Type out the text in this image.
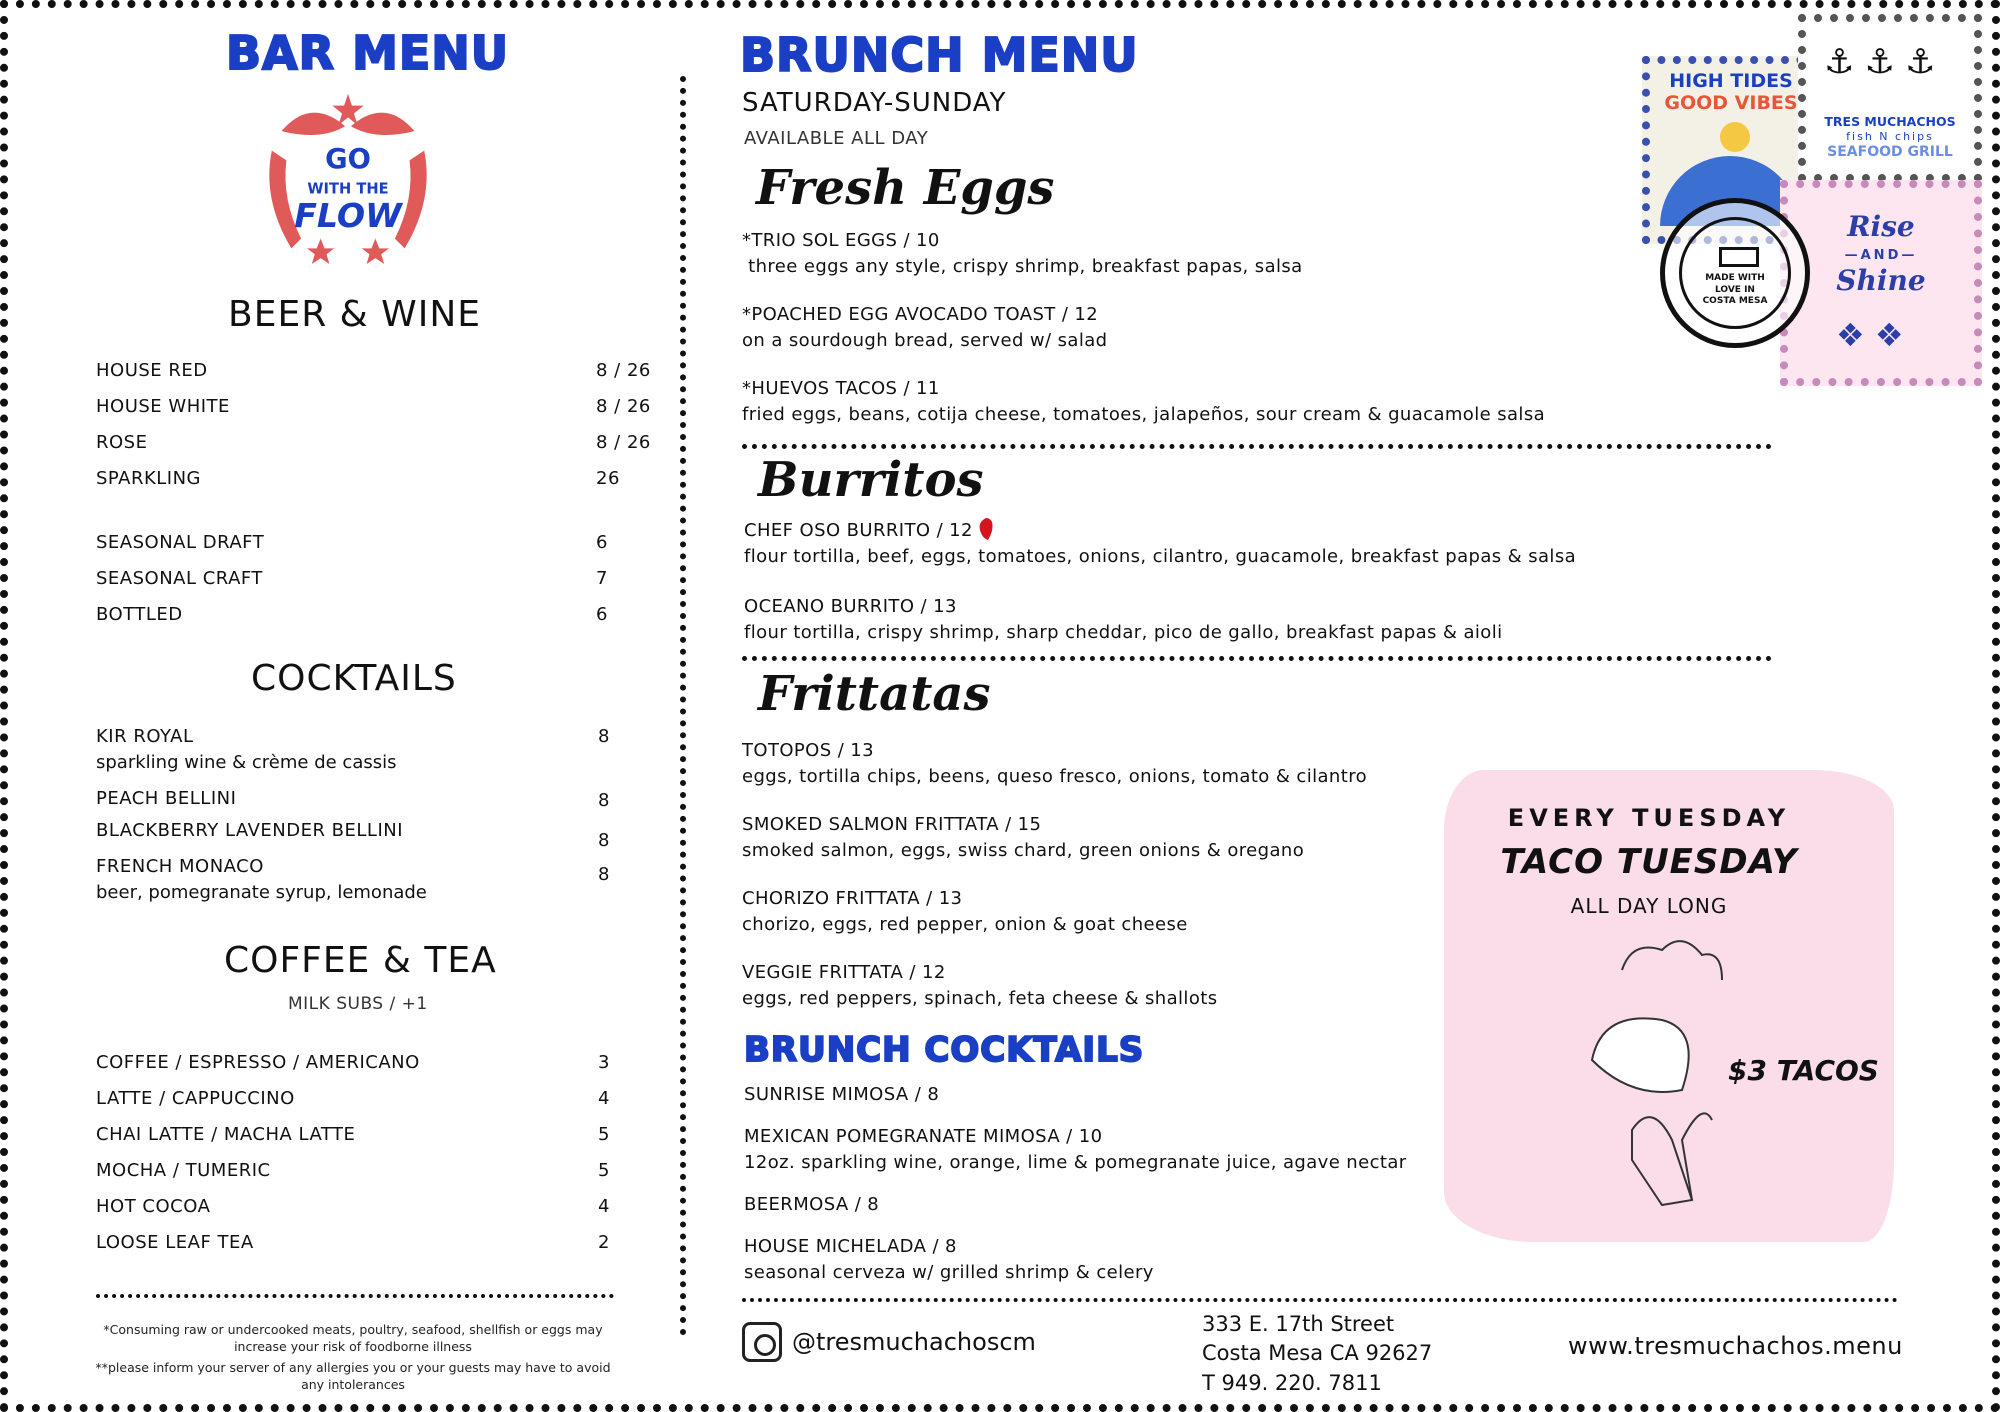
BAR MENU
GO
WITH THE
FLOW
BEER & WINE
HOUSE RED	8 / 26
HOUSE WHITE	8 / 26
ROSE	8 / 26
SPARKLING	26
SEASONAL DRAFT	6
SEASONAL CRAFT	7
BOTTLED	6
COCKTAILS
KIR ROYAL	8
sparkling wine & crème de cassis
PEACH BELLINI	8
BLACKBERRY LAVENDER BELLINI	8
FRENCH MONACO	8
beer, pomegranate syrup, lemonade
COFFEE & TEA
MILK SUBS / +1
COFFEE / ESPRESSO / AMERICANO	3
LATTE / CAPPUCCINO	4
CHAI LATTE / MACHA LATTE	5
MOCHA / TUMERIC	5
HOT COCOA	4
LOOSE LEAF TEA	2
*Consuming raw or undercooked meats, poultry, seafood, shellfish or eggs may increase your risk of foodborne illness
**please inform your server of any allergies you or your guests may have to avoid any intolerances
BRUNCH MENU
SATURDAY-SUNDAY
AVAILABLE ALL DAY
Fresh Eggs
*TRIO SOL EGGS / 10
three eggs any style, crispy shrimp, breakfast papas, salsa
*POACHED EGG AVOCADO TOAST / 12
on a sourdough bread, served w/ salad
*HUEVOS TACOS / 11
fried eggs, beans, cotija cheese, tomatoes, jalapeños, sour cream & guacamole salsa
Burritos
CHEF OSO BURRITO / 12
flour tortilla, beef, eggs, tomatoes, onions, cilantro, guacamole, breakfast papas & salsa
OCEANO BURRITO / 13
flour tortilla, crispy shrimp, sharp cheddar, pico de gallo, breakfast papas & aioli
Frittatas
TOTOPOS / 13
eggs, tortilla chips, beens, queso fresco, onions, tomato & cilantro
SMOKED SALMON FRITTATA / 15
smoked salmon, eggs, swiss chard, green onions & oregano
CHORIZO FRITTATA / 13
chorizo, eggs, red pepper, onion & goat cheese
VEGGIE FRITTATA / 12
eggs, red peppers, spinach, feta cheese & shallots
BRUNCH COCKTAILS
SUNRISE MIMOSA / 8
MEXICAN POMEGRANATE MIMOSA / 10
12oz. sparkling wine, orange, lime & pomegranate juice, agave nectar
BEERMOSA / 8
HOUSE MICHELADA / 8
seasonal cerveza w/ grilled shrimp & celery
HIGH TIDES
GOOD VIBES
⚓⚓⚓
TRES MUCHACHOS
fish N chips
SEAFOOD GRILL
Rise
—AND—
Shine
❖ ❖
MADE WITH
LOVE IN
COSTA MESA
EVERY TUESDAY
TACO TUESDAY
ALL DAY LONG
$3 TACOS
@tresmuchachoscm
333 E. 17th Street
Costa Mesa CA 92627
T 949. 220. 7811
www.tresmuchachos.menu
